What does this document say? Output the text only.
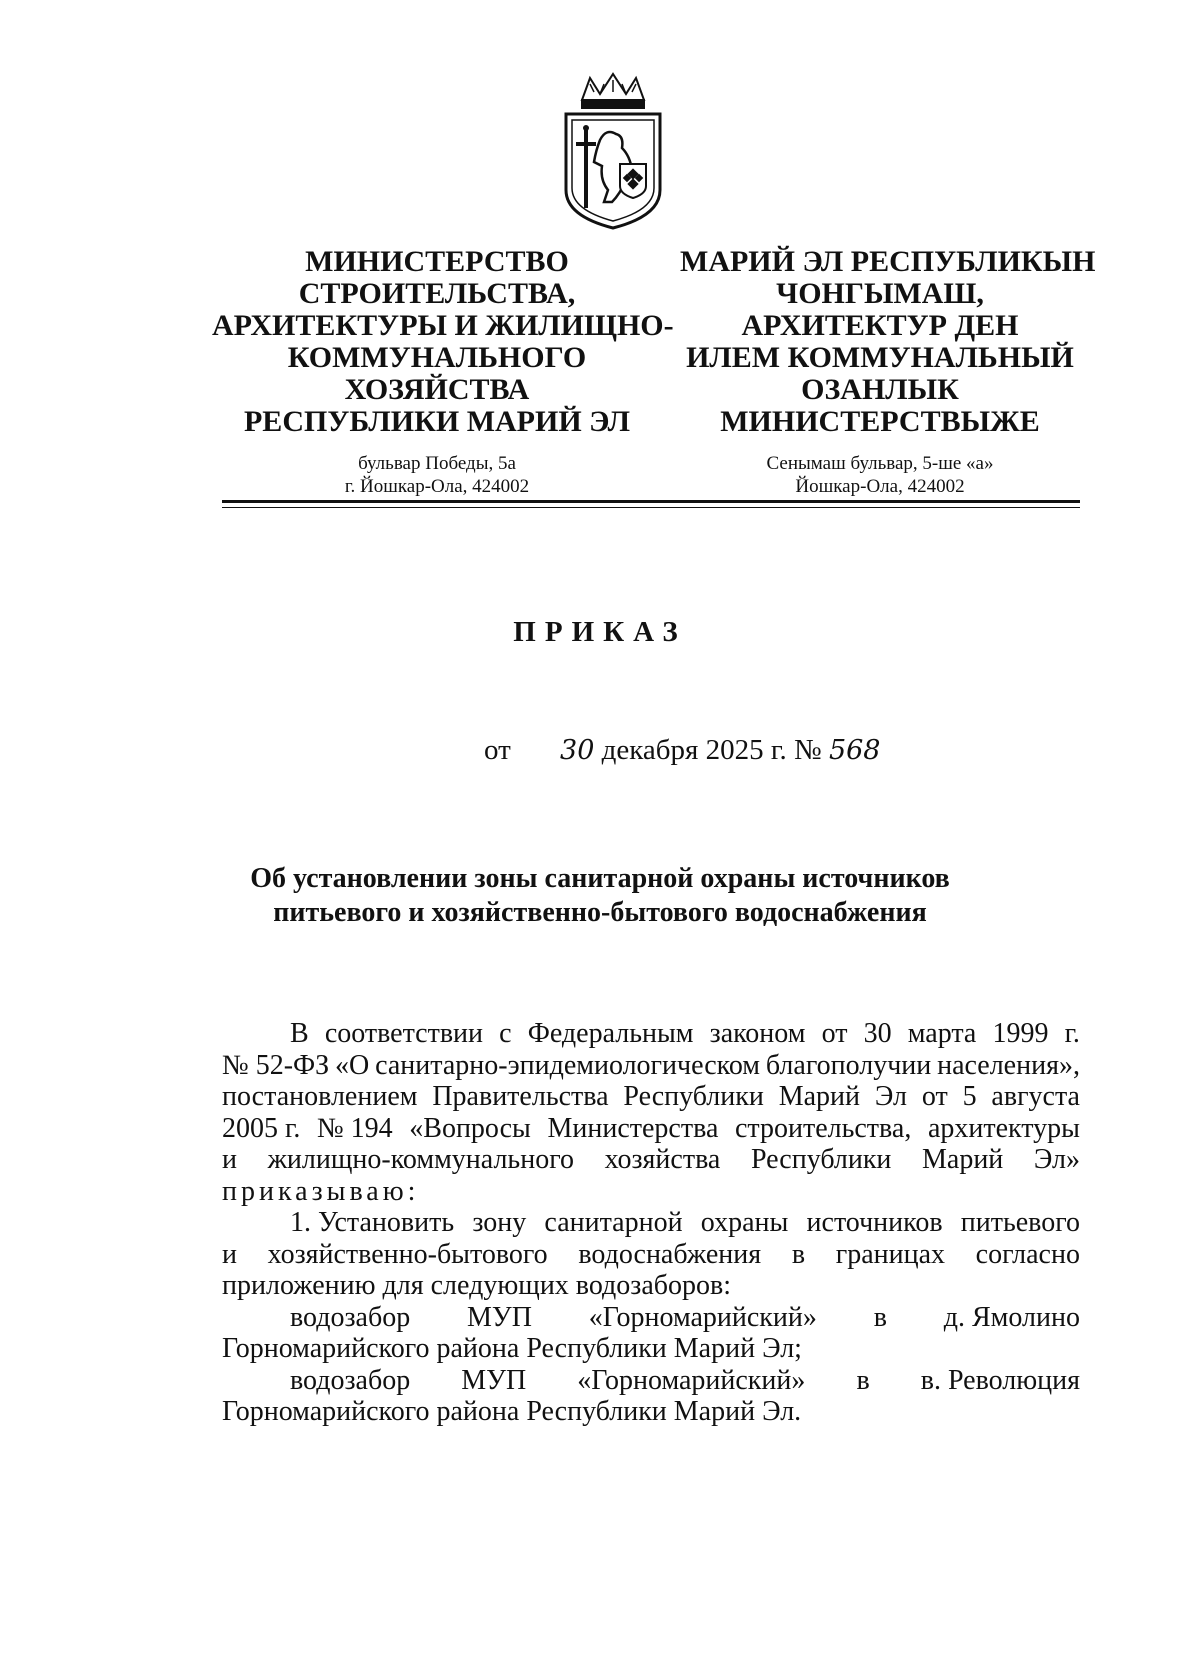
МИНИСТЕРСТВО
СТРОИТЕЛЬСТВА,
АРХИТЕКТУРЫ И ЖИЛИЩНО-
КОММУНАЛЬНОГО
ХОЗЯЙСТВА
РЕСПУБЛИКИ МАРИЙ ЭЛ
бульвар Победы, 5а
г. Йошкар-Ола, 424002
МАРИЙ ЭЛ РЕСПУБЛИКЫН
ЧОНГЫМАШ,
АРХИТЕКТУР ДЕН
ИЛЕМ КОММУНАЛЬНЫЙ
ОЗАНЛЫК
МИНИСТЕРСТВЫЖЕ
Сенымаш бульвар, 5-ше «а»
Йошкар-Ола, 424002
ПРИКАЗ
от 30 декабря 2025 г. № 568
Об установлении зоны санитарной охраны источников
питьевого и хозяйственно-бытового водоснабжения
В соответствии с Федеральным законом от 30 марта 1999 г.
№ 52-ФЗ «О санитарно-эпидемиологическом благополучии населения»,
постановлением Правительства Республики Марий Эл от 5 августа
2005 г. № 194 «Вопросы Министерства строительства, архитектуры
и жилищно-коммунального хозяйства Республики Марий Эл»
приказываю:
1. Установить зону санитарной охраны источников питьевого
и хозяйственно-бытового водоснабжения в границах согласно
приложению для следующих водозаборов:
водозабор МУП «Горномарийский» в д. Ямолино
Горномарийского района Республики Марий Эл;
водозабор МУП «Горномарийский» в в. Революция
Горномарийского района Республики Марий Эл.
